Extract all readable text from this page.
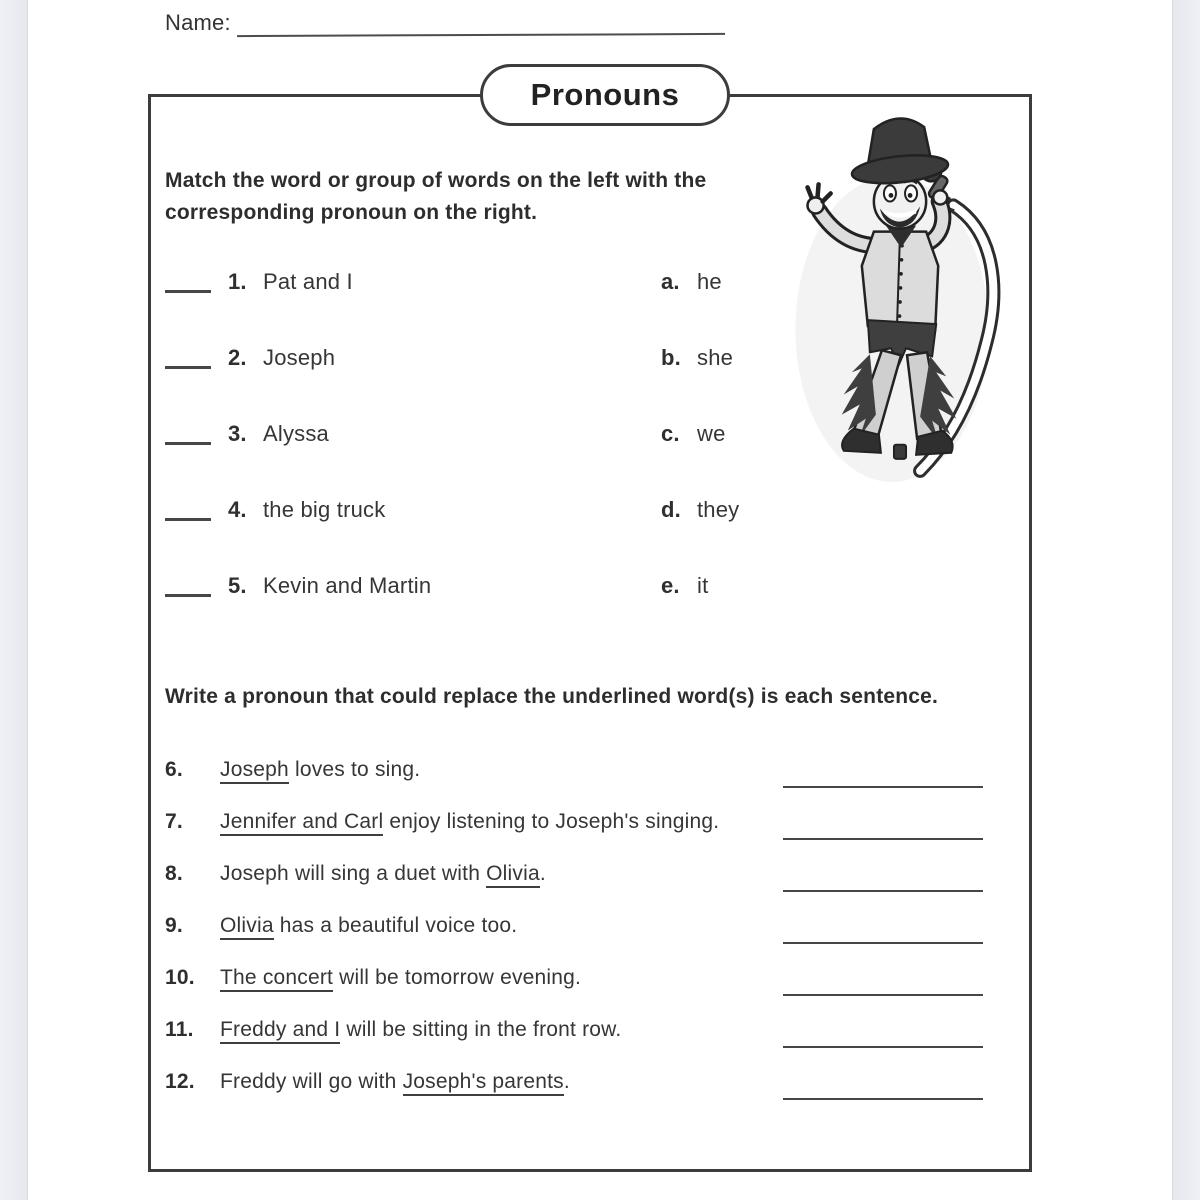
Name:
Pronouns
Match the word or group of words on the left with the corresponding pronoun on the right.
1. Pat and I	a. he
2. Joseph	b. she
3. Alyssa	c. we
4. the big truck	d. they
5. Kevin and Martin	e. it
Write a pronoun that could replace the underlined word(s) is each sentence.
6.	Joseph loves to sing.
7.	Jennifer and Carl enjoy listening to Joseph's singing.
8.	Joseph will sing a duet with Olivia.
9.	Olivia has a beautiful voice too.
10.	The concert will be tomorrow evening.
11.	Freddy and I will be sitting in the front row.
12.	Freddy will go with Joseph's parents.
